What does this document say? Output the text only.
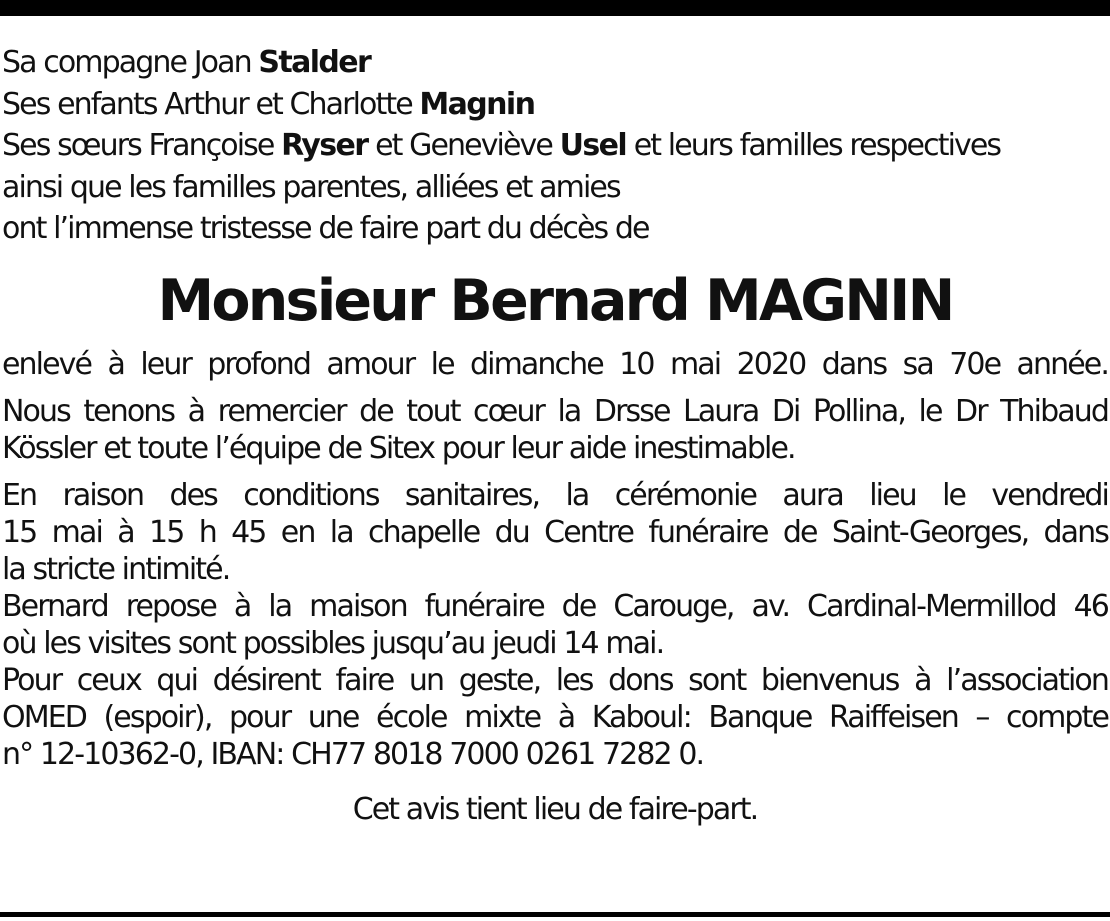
Sa compagne Joan Stalder
Ses enfants Arthur et Charlotte Magnin
Ses sœurs Françoise Ryser et Geneviève Usel et leurs familles respectives
ainsi que les familles parentes, alliées et amies
ont l’immense tristesse de faire part du décès de
Monsieur Bernard MAGNIN
enlevé à leur profond amour le dimanche 10 mai 2020 dans sa 70e année.
Nous tenons à remercier de tout cœur la Drsse Laura Di Pollina, le Dr Thibaud
Kössler et toute l’équipe de Sitex pour leur aide inestimable.
En raison des conditions sanitaires, la cérémonie aura lieu le vendredi
15 mai à 15 h 45 en la chapelle du Centre funéraire de Saint-Georges, dans
la stricte intimité.
Bernard repose à la maison funéraire de Carouge, av. Cardinal-Mermillod 46
où les visites sont possibles jusqu’au jeudi 14 mai.
Pour ceux qui désirent faire un geste, les dons sont bienvenus à l’association
OMED (espoir), pour une école mixte à Kaboul: Banque Raiffeisen – compte
n° 12-10362-0, IBAN: CH77 8018 7000 0261 7282 0.
Cet avis tient lieu de faire-part.
